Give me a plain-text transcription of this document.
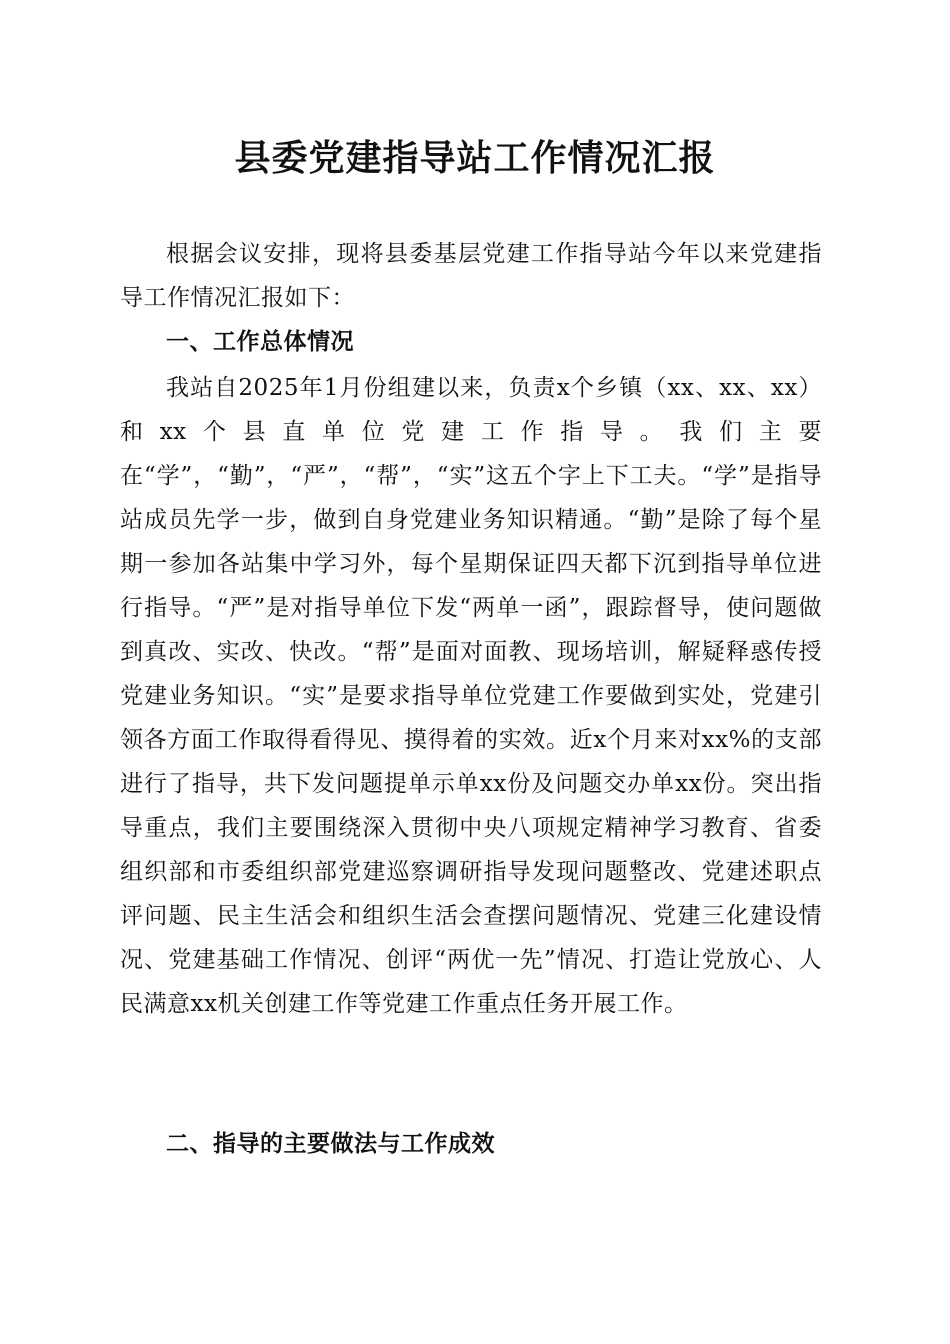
县委党建指导站工作情况汇报

根据会议安排，现将县委基层党建工作指导站今年以来党建指导工作情况汇报如下：

一、工作总体情况

我站自2025年1月份组建以来，负责x个乡镇（xx、xx、xx）和xx个县直单位党建工作指导。我们主要在“学”，“勤”，“严”，“帮”，“实”这五个字上下工夫。“学”是指导站成员先学一步，做到自身党建业务知识精通。“勤”是除了每个星期一参加各站集中学习外，每个星期保证四天都下沉到指导单位进行指导。“严”是对指导单位下发“两单一函”，跟踪督导，使问题做到真改、实改、快改。“帮”是面对面教、现场培训，解疑释惑传授党建业务知识。“实”是要求指导单位党建工作要做到实处，党建引领各方面工作取得看得见、摸得着的实效。近x个月来对xx%的支部进行了指导，共下发问题提单示单xx份及问题交办单xx份。突出指导重点，我们主要围绕深入贯彻中央八项规定精神学习教育、省委组织部和市委组织部党建巡察调研指导发现问题整改、党建述职点评问题、民主生活会和组织生活会查摆问题情况、党建三化建设情况、党建基础工作情况、创评“两优一先”情况、打造让党放心、人民满意xx机关创建工作等党建工作重点任务开展工作。

二、指导的主要做法与工作成效
